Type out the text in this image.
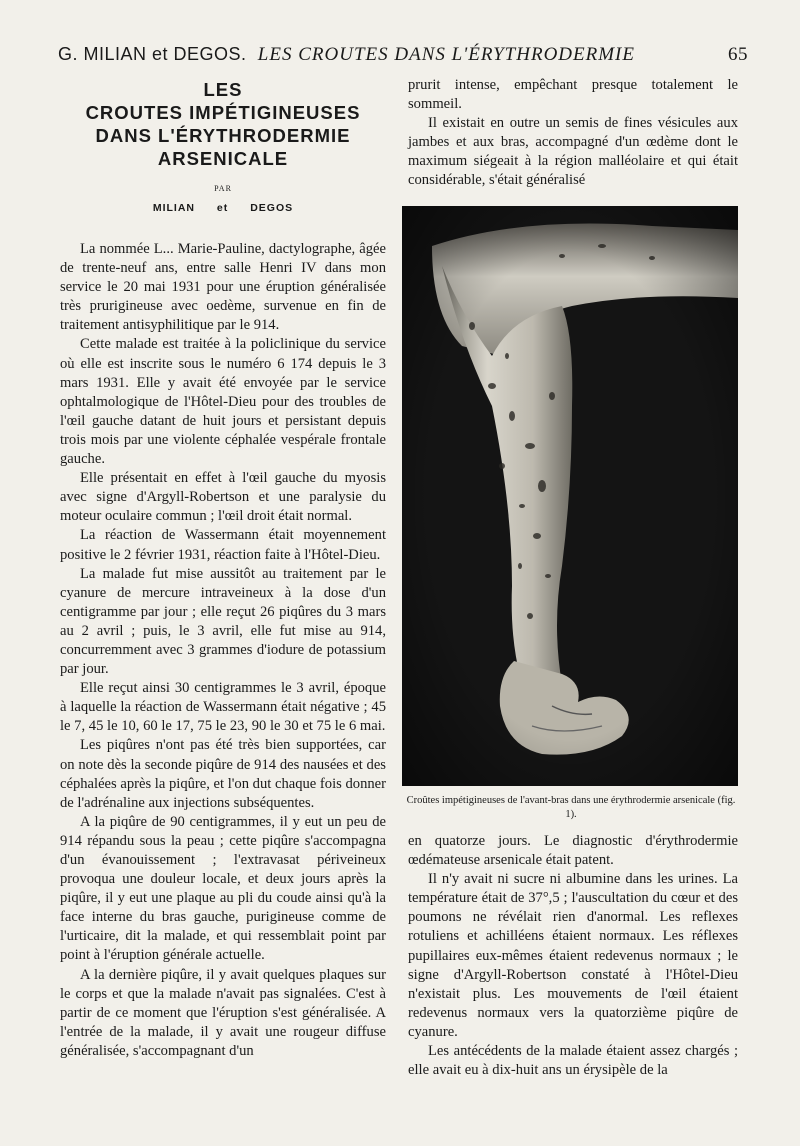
G. MILIAN et DEGOS. LES CROUTES DANS L'ÉRYTHRODERMIE	65
LES
CROUTES IMPÉTIGINEUSES
DANS L'ÉRYTHRODERMIE
ARSENICALE
PAR
MILIAN et DEGOS

La nommée L... Marie-Pauline, dactylographe, âgée de trente-neuf ans, entre salle Henri IV dans mon service le 20 mai 1931 pour une éruption généralisée très prurigineuse avec oedème, survenue en fin de traitement antisyphilitique par le 914.

Cette malade est traitée à la policlinique du service où elle est inscrite sous le numéro 6 174 depuis le 3 mars 1931. Elle y avait été envoyée par le service ophtalmologique de l'Hôtel-Dieu pour des troubles de l'œil gauche datant de huit jours et persistant depuis trois mois par une violente céphalée vespérale frontale gauche.

Elle présentait en effet à l'œil gauche du myosis avec signe d'Argyll-Robertson et une paralysie du moteur oculaire commun ; l'œil droit était normal.

La réaction de Wassermann était moyennement positive le 2 février 1931, réaction faite à l'Hôtel-Dieu.

La malade fut mise aussitôt au traitement par le cyanure de mercure intraveineux à la dose d'un centigramme par jour ; elle reçut 26 piqûres du 3 mars au 2 avril ; puis, le 3 avril, elle fut mise au 914, concurremment avec 3 grammes d'iodure de potassium par jour.

Elle reçut ainsi 30 centigrammes le 3 avril, époque à laquelle la réaction de Wassermann était négative ; 45 le 7, 45 le 10, 60 le 17, 75 le 23, 90 le 30 et 75 le 6 mai.

Les piqûres n'ont pas été très bien supportées, car on note dès la seconde piqûre de 914 des nausées et des céphalées après la piqûre, et l'on dut chaque fois donner de l'adrénaline aux injections subséquentes.

A la piqûre de 90 centigrammes, il y eut un peu de 914 répandu sous la peau ; cette piqûre s'accompagna d'un évanouissement ; l'extravasat périveineux provoqua une douleur locale, et deux jours après la piqûre, il y eut une plaque au pli du coude ainsi qu'à la face interne du bras gauche, purigineuse comme de l'urticaire, dit la malade, et qui ressemblait point par point à l'éruption générale actuelle.

A la dernière piqûre, il y avait quelques plaques sur le corps et que la malade n'avait pas signalées. C'est à partir de ce moment que l'éruption s'est généralisée. A l'entrée de la malade, il y avait une rougeur diffuse généralisée, s'accompagnant d'un

prurit intense, empêchant presque totalement le sommeil.

Il existait en outre un semis de fines vésicules aux jambes et aux bras, accompagné d'un œdème dont le maximum siégeait à la région malléolaire et qui était considérable, s'était généralisé

Croûtes impétigineuses de l'avant-bras dans une érythrodermie arsenicale (fig. 1).

en quatorze jours. Le diagnostic d'érythrodermie œdémateuse arsenicale était patent.

Il n'y avait ni sucre ni albumine dans les urines. La température était de 37°,5 ; l'auscultation du cœur et des poumons ne révélait rien d'anormal. Les reflexes rotuliens et achilléens étaient normaux. Les réflexes pupillaires eux-mêmes étaient redevenus normaux ; le signe d'Argyll-Robertson constaté à l'Hôtel-Dieu n'existait plus. Les mouvements de l'œil étaient redevenus normaux vers la quatorzième piqûre de cyanure.

Les antécédents de la malade étaient assez chargés ; elle avait eu à dix-huit ans un érysipèle de la
